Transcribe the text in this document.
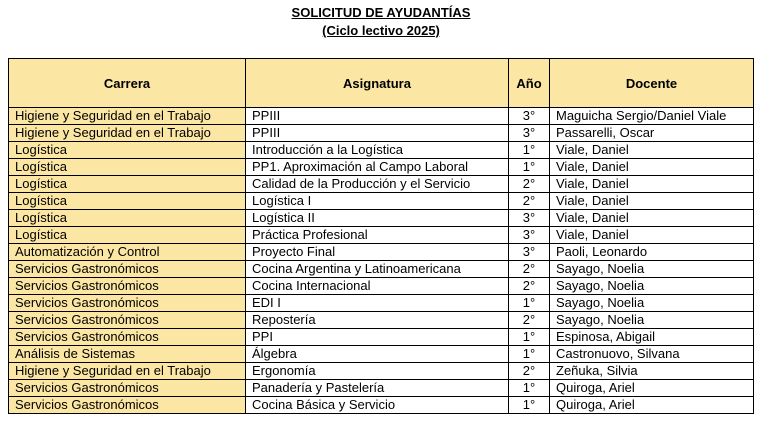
SOLICITUD DE AYUDANTÍAS
(Ciclo lectivo 2025)
Carrera	Asignatura	Año	Docente
Higiene y Seguridad en el Trabajo	PPIII	3°	Maguicha Sergio/Daniel Viale
Higiene y Seguridad en el Trabajo	PPIII	3°	Passarelli, Oscar
Logística	Introducción a la Logística	1°	Viale, Daniel
Logística	PP1. Aproximación al Campo Laboral	1°	Viale, Daniel
Logística	Calidad de la Producción y el Servicio	2°	Viale, Daniel
Logística	Logística I	2°	Viale, Daniel
Logística	Logística II	3°	Viale, Daniel
Logística	Práctica Profesional	3°	Viale, Daniel
Automatización y Control	Proyecto Final	3°	Paoli, Leonardo
Servicios Gastronómicos	Cocina Argentina y Latinoamericana	2°	Sayago, Noelia
Servicios Gastronómicos	Cocina Internacional	2°	Sayago, Noelia
Servicios Gastronómicos	EDI I	1°	Sayago, Noelia
Servicios Gastronómicos	Repostería	2°	Sayago, Noelia
Servicios Gastronómicos	PPI	1°	Espinosa, Abigail
Análisis de Sistemas	Álgebra	1°	Castronuovo, Silvana
Higiene y Seguridad en el Trabajo	Ergonomía	2°	Zeñuka, Silvia
Servicios Gastronómicos	Panadería y Pastelería	1°	Quiroga, Ariel
Servicios Gastronómicos	Cocina Básica y Servicio	1°	Quiroga, Ariel
